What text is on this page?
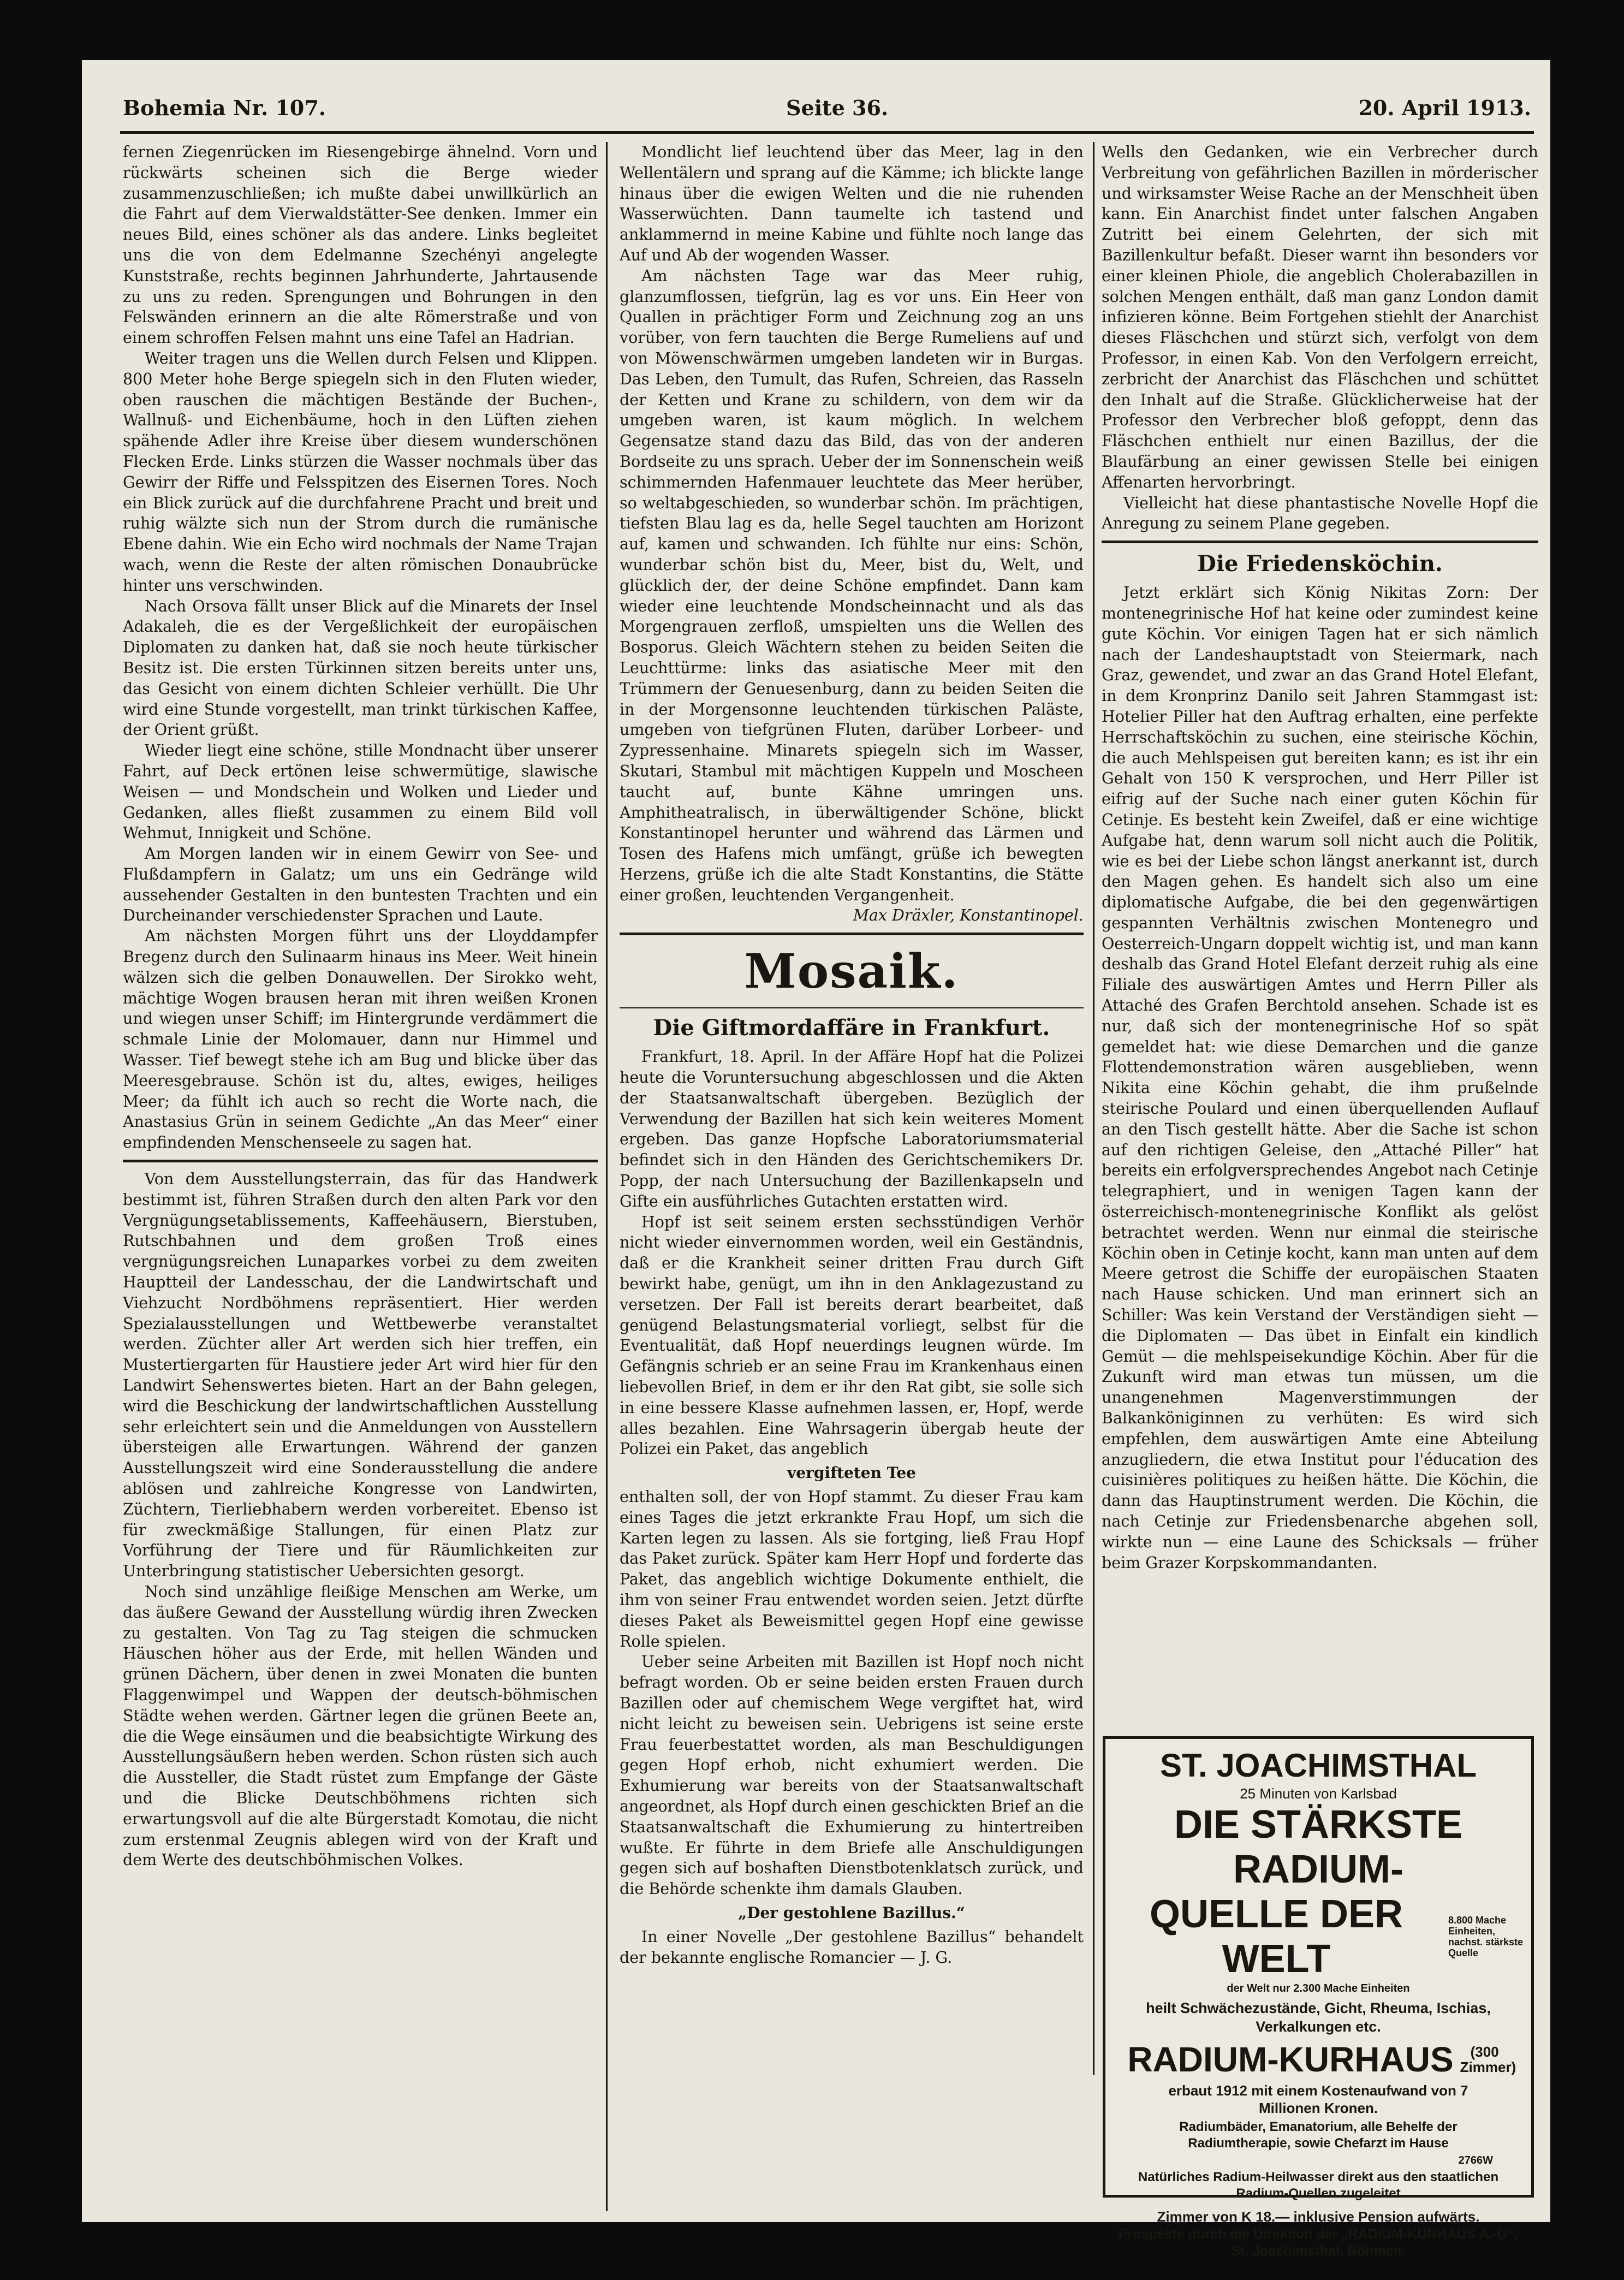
Bohemia Nr. 107.	Seite 36.	20. April 1913.

fernen Ziegenrücken im Riesengebirge ähnelnd. Vorn und rückwärts scheinen sich die Berge wieder zusammenzuschließen; ich mußte dabei unwillkürlich an die Fahrt auf dem Vierwaldstätter-See denken. Immer ein neues Bild, eines schöner als das andere. Links begleitet uns die von dem Edelmanne Szechényi angelegte Kunststraße, rechts beginnen Jahrhunderte, Jahrtausende zu uns zu reden. Sprengungen und Bohrungen in den Felswänden erinnern an die alte Römerstraße und von einem schroffen Felsen mahnt uns eine Tafel an Hadrian.

Weiter tragen uns die Wellen durch Felsen und Klippen. 800 Meter hohe Berge spiegeln sich in den Fluten wieder, oben rauschen die mächtigen Bestände der Buchen-, Wallnuß- und Eichenbäume, hoch in den Lüften ziehen spähende Adler ihre Kreise über diesem wunderschönen Flecken Erde. Links stürzen die Wasser nochmals über das Gewirr der Riffe und Felsspitzen des Eisernen Tores. Noch ein Blick zurück auf die durchfahrene Pracht und breit und ruhig wälzte sich nun der Strom durch die rumänische Ebene dahin. Wie ein Echo wird nochmals der Name Trajan wach, wenn die Reste der alten römischen Donaubrücke hinter uns verschwinden.

Nach Orsova fällt unser Blick auf die Minarets der Insel Adakaleh, die es der Vergeßlichkeit der europäischen Diplomaten zu danken hat, daß sie noch heute türkischer Besitz ist. Die ersten Türkinnen sitzen bereits unter uns, das Gesicht von einem dichten Schleier verhüllt. Die Uhr wird eine Stunde vorgestellt, man trinkt türkischen Kaffee, der Orient grüßt.

Wieder liegt eine schöne, stille Mondnacht über unserer Fahrt, auf Deck ertönen leise schwermütige, slawische Weisen — und Mondschein und Wolken und Lieder und Gedanken, alles fließt zusammen zu einem Bild voll Wehmut, Innigkeit und Schöne.

Am Morgen landen wir in einem Gewirr von See- und Flußdampfern in Galatz; um uns ein Gedränge wild aussehender Gestalten in den buntesten Trachten und ein Durcheinander verschiedenster Sprachen und Laute.

Am nächsten Morgen führt uns der Lloyddampfer Bregenz durch den Sulinaarm hinaus ins Meer. Weit hinein wälzen sich die gelben Donauwellen. Der Sirokko weht, mächtige Wogen brausen heran mit ihren weißen Kronen und wiegen unser Schiff; im Hintergrunde verdämmert die schmale Linie der Molomauer, dann nur Himmel und Wasser. Tief bewegt stehe ich am Bug und blicke über das Meeresgebrause. Schön ist du, altes, ewiges, heiliges Meer; da fühlt ich auch so recht die Worte nach, die Anastasius Grün in seinem Gedichte „An das Meer“ einer empfindenden Menschenseele zu sagen hat.

Von dem Ausstellungsterrain, das für das Handwerk bestimmt ist, führen Straßen durch den alten Park vor den Vergnügungsetablissements, Kaffeehäusern, Bierstuben, Rutschbahnen und dem großen Troß eines vergnügungsreichen Lunaparkes vorbei zu dem zweiten Hauptteil der Landesschau, der die Landwirtschaft und Viehzucht Nordböhmens repräsentiert. Hier werden Spezialausstellungen und Wettbewerbe veranstaltet werden. Züchter aller Art werden sich hier treffen, ein Mustertiergarten für Haustiere jeder Art wird hier für den Landwirt Sehenswertes bieten. Hart an der Bahn gelegen, wird die Beschickung der landwirtschaftlichen Ausstellung sehr erleichtert sein und die Anmeldungen von Ausstellern übersteigen alle Erwartungen. Während der ganzen Ausstellungszeit wird eine Sonderausstellung die andere ablösen und zahlreiche Kongresse von Landwirten, Züchtern, Tierliebhabern werden vorbereitet. Ebenso ist für zweckmäßige Stallungen, für einen Platz zur Vorführung der Tiere und für Räumlichkeiten zur Unterbringung statistischer Uebersichten gesorgt.

Noch sind unzählige fleißige Menschen am Werke, um das äußere Gewand der Ausstellung würdig ihren Zwecken zu gestalten. Von Tag zu Tag steigen die schmucken Häuschen höher aus der Erde, mit hellen Wänden und grünen Dächern, über denen in zwei Monaten die bunten Flaggenwimpel und Wappen der deutsch-böhmischen Städte wehen werden. Gärtner legen die grünen Beete an, die die Wege einsäumen und die beabsichtigte Wirkung des Ausstellungsäußern heben werden. Schon rüsten sich auch die Aussteller, die Stadt rüstet zum Empfange der Gäste und die Blicke Deutschböhmens richten sich erwartungsvoll auf die alte Bürgerstadt Komotau, die nicht zum erstenmal Zeugnis ablegen wird von der Kraft und dem Werte des deutschböhmischen Volkes.

Mondlicht lief leuchtend über das Meer, lag in den Wellentälern und sprang auf die Kämme; ich blickte lange hinaus über die ewigen Welten und die nie ruhenden Wasserwüchten. Dann taumelte ich tastend und anklammernd in meine Kabine und fühlte noch lange das Auf und Ab der wogenden Wasser.

Am nächsten Tage war das Meer ruhig, glanzumflossen, tiefgrün, lag es vor uns. Ein Heer von Quallen in prächtiger Form und Zeichnung zog an uns vorüber, von fern tauchten die Berge Rumeliens auf und von Möwenschwärmen umgeben landeten wir in Burgas. Das Leben, den Tumult, das Rufen, Schreien, das Rasseln der Ketten und Krane zu schildern, von dem wir da umgeben waren, ist kaum möglich. In welchem Gegensatze stand dazu das Bild, das von der anderen Bordseite zu uns sprach. Ueber der im Sonnenschein weiß schimmernden Hafenmauer leuchtete das Meer herüber, so weltabgeschieden, so wunderbar schön. Im prächtigen, tiefsten Blau lag es da, helle Segel tauchten am Horizont auf, kamen und schwanden. Ich fühlte nur eins: Schön, wunderbar schön bist du, Meer, bist du, Welt, und glücklich der, der deine Schöne empfindet. Dann kam wieder eine leuchtende Mondscheinnacht und als das Morgengrauen zerfloß, umspielten uns die Wellen des Bosporus. Gleich Wächtern stehen zu beiden Seiten die Leuchttürme: links das asiatische Meer mit den Trümmern der Genuesenburg, dann zu beiden Seiten die in der Morgensonne leuchtenden türkischen Paläste, umgeben von tiefgrünen Fluten, darüber Lorbeer- und Zypressenhaine. Minarets spiegeln sich im Wasser, Skutari, Stambul mit mächtigen Kuppeln und Moscheen taucht auf, bunte Kähne umringen uns. Amphitheatralisch, in überwältigender Schöne, blickt Konstantinopel herunter und während das Lärmen und Tosen des Hafens mich umfängt, grüße ich bewegten Herzens, grüße ich die alte Stadt Konstantins, die Stätte einer großen, leuchtenden Vergangenheit.

Max Dräxler, Konstantinopel.

Mosaik.
Die Giftmordaffäre in Frankfurt.

Frankfurt, 18. April. In der Affäre Hopf hat die Polizei heute die Voruntersuchung abgeschlossen und die Akten der Staatsanwaltschaft übergeben. Bezüglich der Verwendung der Bazillen hat sich kein weiteres Moment ergeben. Das ganze Hopfsche Laboratoriumsmaterial befindet sich in den Händen des Gerichtschemikers Dr. Popp, der nach Untersuchung der Bazillenkapseln und Gifte ein ausführliches Gutachten erstatten wird.

Hopf ist seit seinem ersten sechsstündigen Verhör nicht wieder einvernommen worden, weil ein Geständnis, daß er die Krankheit seiner dritten Frau durch Gift bewirkt habe, genügt, um ihn in den Anklagezustand zu versetzen. Der Fall ist bereits derart bearbeitet, daß genügend Belastungsmaterial vorliegt, selbst für die Eventualität, daß Hopf neuerdings leugnen würde. Im Gefängnis schrieb er an seine Frau im Krankenhaus einen liebevollen Brief, in dem er ihr den Rat gibt, sie solle sich in eine bessere Klasse aufnehmen lassen, er, Hopf, werde alles bezahlen. Eine Wahrsagerin übergab heute der Polizei ein Paket, das angeblich

vergifteten Tee

enthalten soll, der von Hopf stammt. Zu dieser Frau kam eines Tages die jetzt erkrankte Frau Hopf, um sich die Karten legen zu lassen. Als sie fortging, ließ Frau Hopf das Paket zurück. Später kam Herr Hopf und forderte das Paket, das angeblich wichtige Dokumente enthielt, die ihm von seiner Frau entwendet worden seien. Jetzt dürfte dieses Paket als Beweismittel gegen Hopf eine gewisse Rolle spielen.

Ueber seine Arbeiten mit Bazillen ist Hopf noch nicht befragt worden. Ob er seine beiden ersten Frauen durch Bazillen oder auf chemischem Wege vergiftet hat, wird nicht leicht zu beweisen sein. Uebrigens ist seine erste Frau feuerbestattet worden, als man Beschuldigungen gegen Hopf erhob, nicht exhumiert werden. Die Exhumierung war bereits von der Staatsanwaltschaft angeordnet, als Hopf durch einen geschickten Brief an die Staatsanwaltschaft die Exhumierung zu hintertreiben wußte. Er führte in dem Briefe alle Anschuldigungen gegen sich auf boshaften Dienstbotenklatsch zurück, und die Behörde schenkte ihm damals Glauben.

„Der gestohlene Bazillus.“

In einer Novelle „Der gestohlene Bazillus“ behandelt der bekannte englische Romancier — J. G.

Wells den Gedanken, wie ein Verbrecher durch Verbreitung von gefährlichen Bazillen in mörderischer und wirksamster Weise Rache an der Menschheit üben kann. Ein Anarchist findet unter falschen Angaben Zutritt bei einem Gelehrten, der sich mit Bazillenkultur befaßt. Dieser warnt ihn besonders vor einer kleinen Phiole, die angeblich Cholerabazillen in solchen Mengen enthält, daß man ganz London damit infizieren könne. Beim Fortgehen stiehlt der Anarchist dieses Fläschchen und stürzt sich, verfolgt von dem Professor, in einen Kab. Von den Verfolgern erreicht, zerbricht der Anarchist das Fläschchen und schüttet den Inhalt auf die Straße. Glücklicherweise hat der Professor den Verbrecher bloß gefoppt, denn das Fläschchen enthielt nur einen Bazillus, der die Blaufärbung an einer gewissen Stelle bei einigen Affenarten hervorbringt.

Vielleicht hat diese phantastische Novelle Hopf die Anregung zu seinem Plane gegeben.

Die Friedensköchin.

Jetzt erklärt sich König Nikitas Zorn: Der montenegrinische Hof hat keine oder zumindest keine gute Köchin. Vor einigen Tagen hat er sich nämlich nach der Landeshauptstadt von Steiermark, nach Graz, gewendet, und zwar an das Grand Hotel Elefant, in dem Kronprinz Danilo seit Jahren Stammgast ist: Hotelier Piller hat den Auftrag erhalten, eine perfekte Herrschaftsköchin zu suchen, eine steirische Köchin, die auch Mehlspeisen gut bereiten kann; es ist ihr ein Gehalt von 150 K versprochen, und Herr Piller ist eifrig auf der Suche nach einer guten Köchin für Cetinje. Es besteht kein Zweifel, daß er eine wichtige Aufgabe hat, denn warum soll nicht auch die Politik, wie es bei der Liebe schon längst anerkannt ist, durch den Magen gehen. Es handelt sich also um eine diplomatische Aufgabe, die bei den gegenwärtigen gespannten Verhältnis zwischen Montenegro und Oesterreich-Ungarn doppelt wichtig ist, und man kann deshalb das Grand Hotel Elefant derzeit ruhig als eine Filiale des auswärtigen Amtes und Herrn Piller als Attaché des Grafen Berchtold ansehen. Schade ist es nur, daß sich der montenegrinische Hof so spät gemeldet hat: wie diese Demarchen und die ganze Flottendemonstration wären ausgeblieben, wenn Nikita eine Köchin gehabt, die ihm prußelnde steirische Poulard und einen überquellenden Auflauf an den Tisch gestellt hätte. Aber die Sache ist schon auf den richtigen Geleise, den „Attaché Piller“ hat bereits ein erfolgversprechendes Angebot nach Cetinje telegraphiert, und in wenigen Tagen kann der österreichisch-montenegrinische Konflikt als gelöst betrachtet werden. Wenn nur einmal die steirische Köchin oben in Cetinje kocht, kann man unten auf dem Meere getrost die Schiffe der europäischen Staaten nach Hause schicken. Und man erinnert sich an Schiller: Was kein Verstand der Verständigen sieht — die Diplomaten — Das übet in Einfalt ein kindlich Gemüt — die mehlspeisekundige Köchin. Aber für die Zukunft wird man etwas tun müssen, um die unangenehmen Magenverstimmungen der Balkanköniginnen zu verhüten: Es wird sich empfehlen, dem auswärtigen Amte eine Abteilung anzugliedern, die etwa Institut pour l'éducation des cuisinières politiques zu heißen hätte. Die Köchin, die dann das Hauptinstrument werden. Die Köchin, die nach Cetinje zur Friedensbenarche abgehen soll, wirkte nun — eine Laune des Schicksals — früher beim Grazer Korpskommandanten.

ST. JOACHIMSTHAL
25 Minuten von Karlsbad
DIE STÄRKSTE RADIUM-
QUELLE DER WELT
8.800 Mache Einheiten, nachst. stärkste Quelle
der Welt nur 2.300 Mache Einheiten
heilt Schwächezustände, Gicht, Rheuma, Ischias, Verkalkungen etc.
RADIUM-KURHAUS	(300 Zimmer)
erbaut 1912 mit einem Kostenaufwand von 7 Millionen Kronen.
Radiumbäder, Emanatorium, alle Behelfe der Radiumtherapie, sowie Chefarzt im Hause
2766W
Natürliches Radium-Heilwasser direkt aus den staatlichen Radium-Quellen zugeleitet
Zimmer von K 18.— inklusive Pension aufwärts.
Prospekte durch die Direktion der „RADIUM-KURHAUS A.-G“, St. Joachimsthal, Böhmen.
